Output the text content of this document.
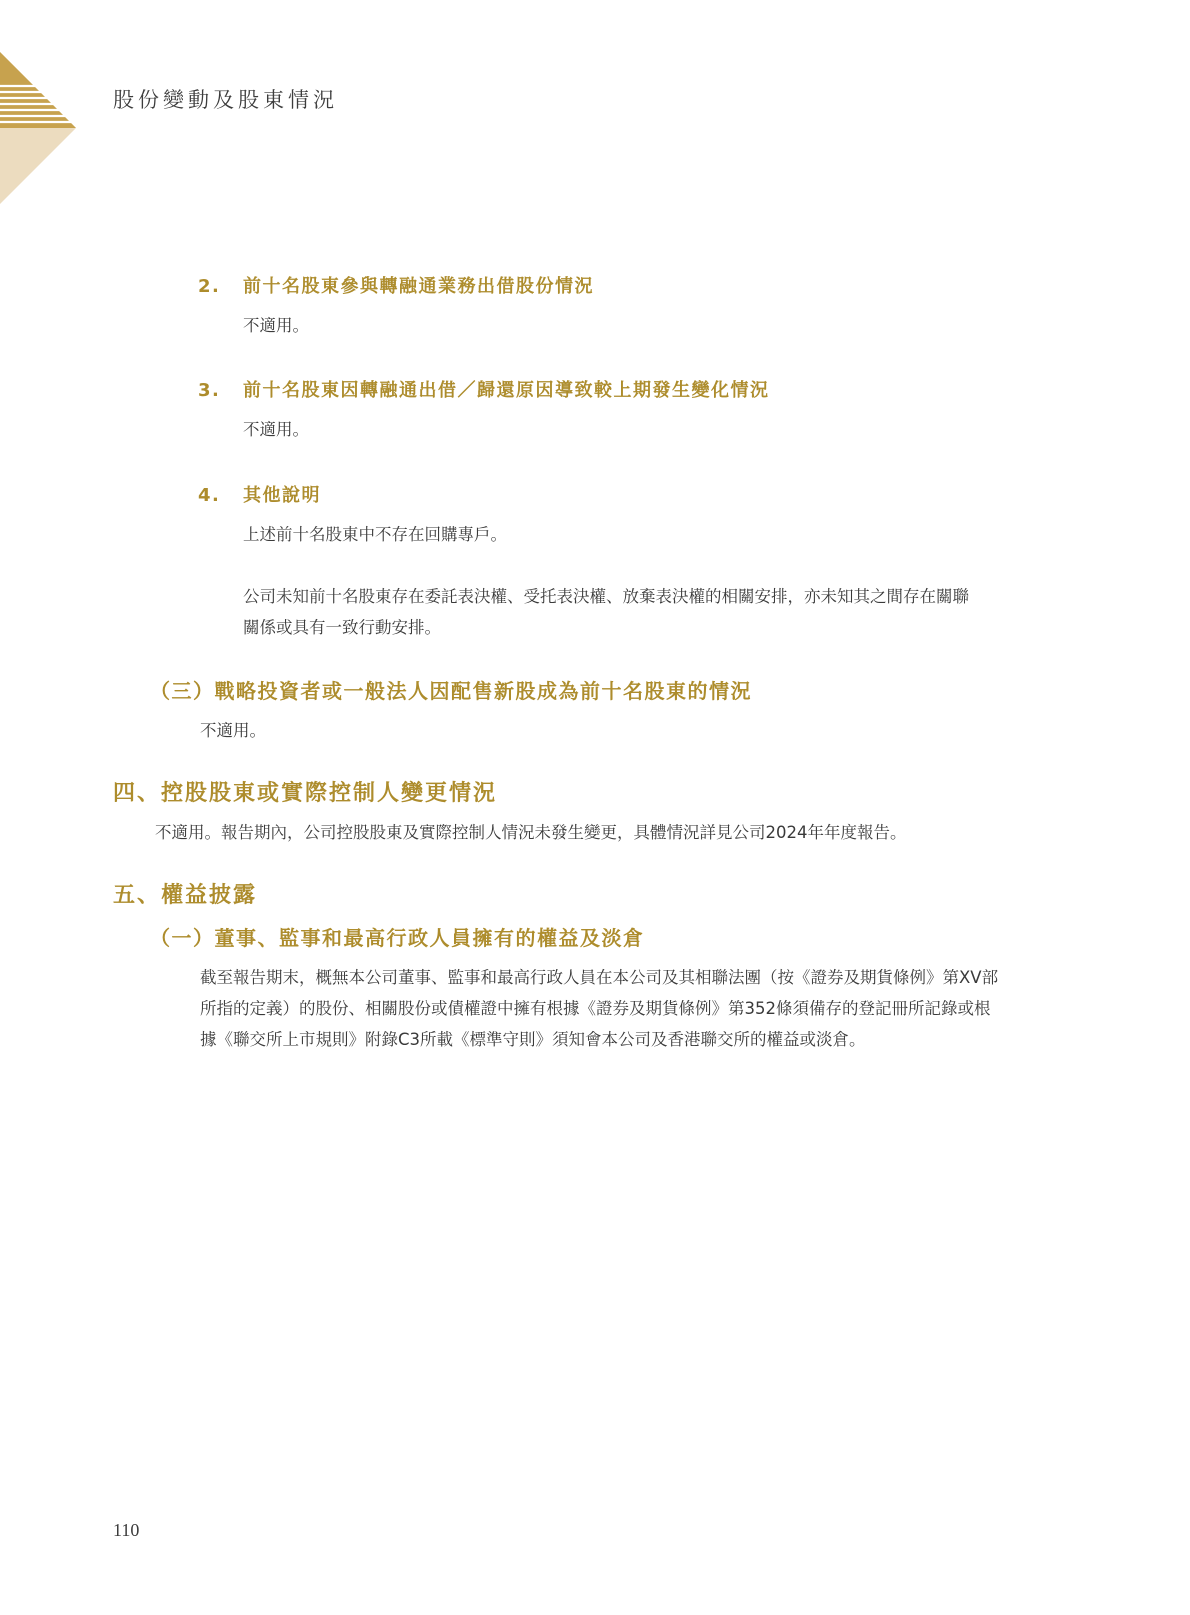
股份變動及股東情況
2. 前十名股東參與轉融通業務出借股份情況
不適用。
3. 前十名股東因轉融通出借／歸還原因導致較上期發生變化情況
不適用。
4. 其他說明
上述前十名股東中不存在回購專戶。
公司未知前十名股東存在委託表決權、受托表決權、放棄表決權的相關安排，亦未知其之間存在關聯
關係或具有一致行動安排。
（三）戰略投資者或一般法人因配售新股成為前十名股東的情況
不適用。
四、控股股東或實際控制人變更情況
不適用。報告期內，公司控股股東及實際控制人情況未發生變更，具體情況詳見公司2024年年度報告。
五、權益披露
（一）董事、監事和最高行政人員擁有的權益及淡倉
截至報告期末，概無本公司董事、監事和最高行政人員在本公司及其相聯法團（按《證券及期貨條例》第XV部
所指的定義）的股份、相關股份或債權證中擁有根據《證券及期貨條例》第352條須備存的登記冊所記錄或根
據《聯交所上市規則》附錄C3所載《標準守則》須知會本公司及香港聯交所的權益或淡倉。
110
